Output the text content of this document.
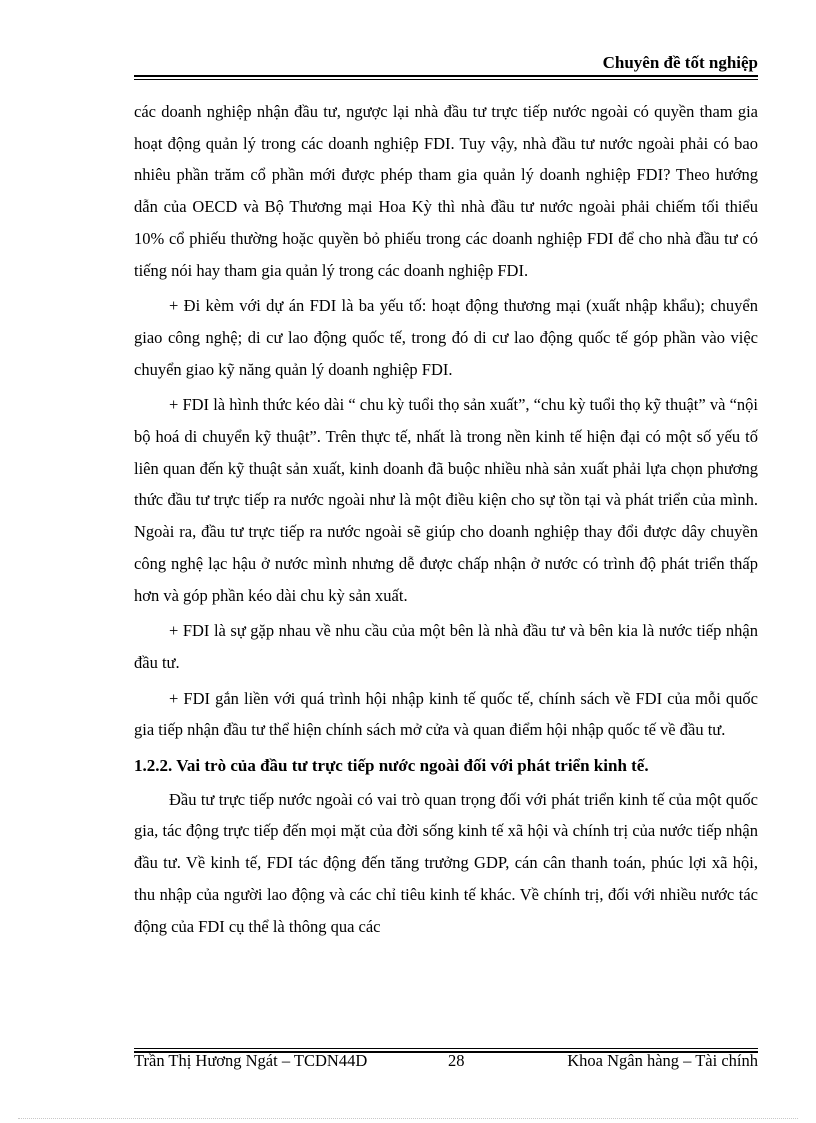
Chuyên đề tốt nghiệp

các doanh nghiệp nhận đầu tư, ngược lại nhà đầu tư trực tiếp nước ngoài có quyền tham gia hoạt động quản lý trong các doanh nghiệp FDI. Tuy vậy, nhà đầu tư nước ngoài phải có bao nhiêu phần trăm cổ phần mới được phép tham gia quản lý doanh nghiệp FDI? Theo hướng dẫn của OECD và Bộ Thương mại Hoa Kỳ thì nhà đầu tư nước ngoài phải chiếm tối thiểu 10% cổ phiếu thường hoặc quyền bỏ phiếu trong các doanh nghiệp FDI để cho nhà đầu tư có tiếng nói hay tham gia quản lý trong các doanh nghiệp FDI.

+ Đi kèm với dự án FDI là ba yếu tố: hoạt động thương mại (xuất nhập khẩu); chuyển giao công nghệ; di cư lao động quốc tế, trong đó di cư lao động quốc tế góp phần vào việc chuyển giao kỹ năng quản lý doanh nghiệp FDI.

+ FDI là hình thức kéo dài “ chu kỳ tuổi thọ sản xuất”, “chu kỳ tuổi thọ kỹ thuật” và “nội bộ hoá di chuyển kỹ thuật”. Trên thực tế, nhất là trong nền kinh tế hiện đại có một số yếu tố liên quan đến kỹ thuật sản xuất, kinh doanh đã buộc nhiều nhà sản xuất phải lựa chọn phương thức đầu tư trực tiếp ra nước ngoài như là một điều kiện cho sự tồn tại và phát triển của mình. Ngoài ra, đầu tư trực tiếp ra nước ngoài sẽ giúp cho doanh nghiệp thay đổi được dây chuyền công nghệ lạc hậu ở nước mình nhưng dễ được chấp nhận ở nước có trình độ phát triển thấp hơn và góp phần kéo dài chu kỳ sản xuất.

+ FDI là sự gặp nhau về nhu cầu của một bên là nhà đầu tư và bên kia là nước tiếp nhận đầu tư.

+ FDI gắn liền với quá trình hội nhập kinh tế quốc tế, chính sách về FDI của mỗi quốc gia tiếp nhận đầu tư thể hiện chính sách mở cửa và quan điểm hội nhập quốc tế về đầu tư.

1.2.2. Vai trò của đầu tư trực tiếp nước ngoài đối với phát triển kinh tế.

Đầu tư trực tiếp nước ngoài có vai trò quan trọng đối với phát triển kinh tế của một quốc gia, tác động trực tiếp đến mọi mặt của đời sống kinh tế xã hội và chính trị của nước tiếp nhận đầu tư. Về kinh tế, FDI tác động đến tăng trưởng GDP, cán cân thanh toán, phúc lợi xã hội, thu nhập của người lao động và các chỉ tiêu kinh tế khác. Về chính trị, đối với nhiều nước tác động của FDI cụ thể là thông qua các

Trần Thị Hương Ngát – TCDN44D	28	Khoa Ngân hàng – Tài chính
